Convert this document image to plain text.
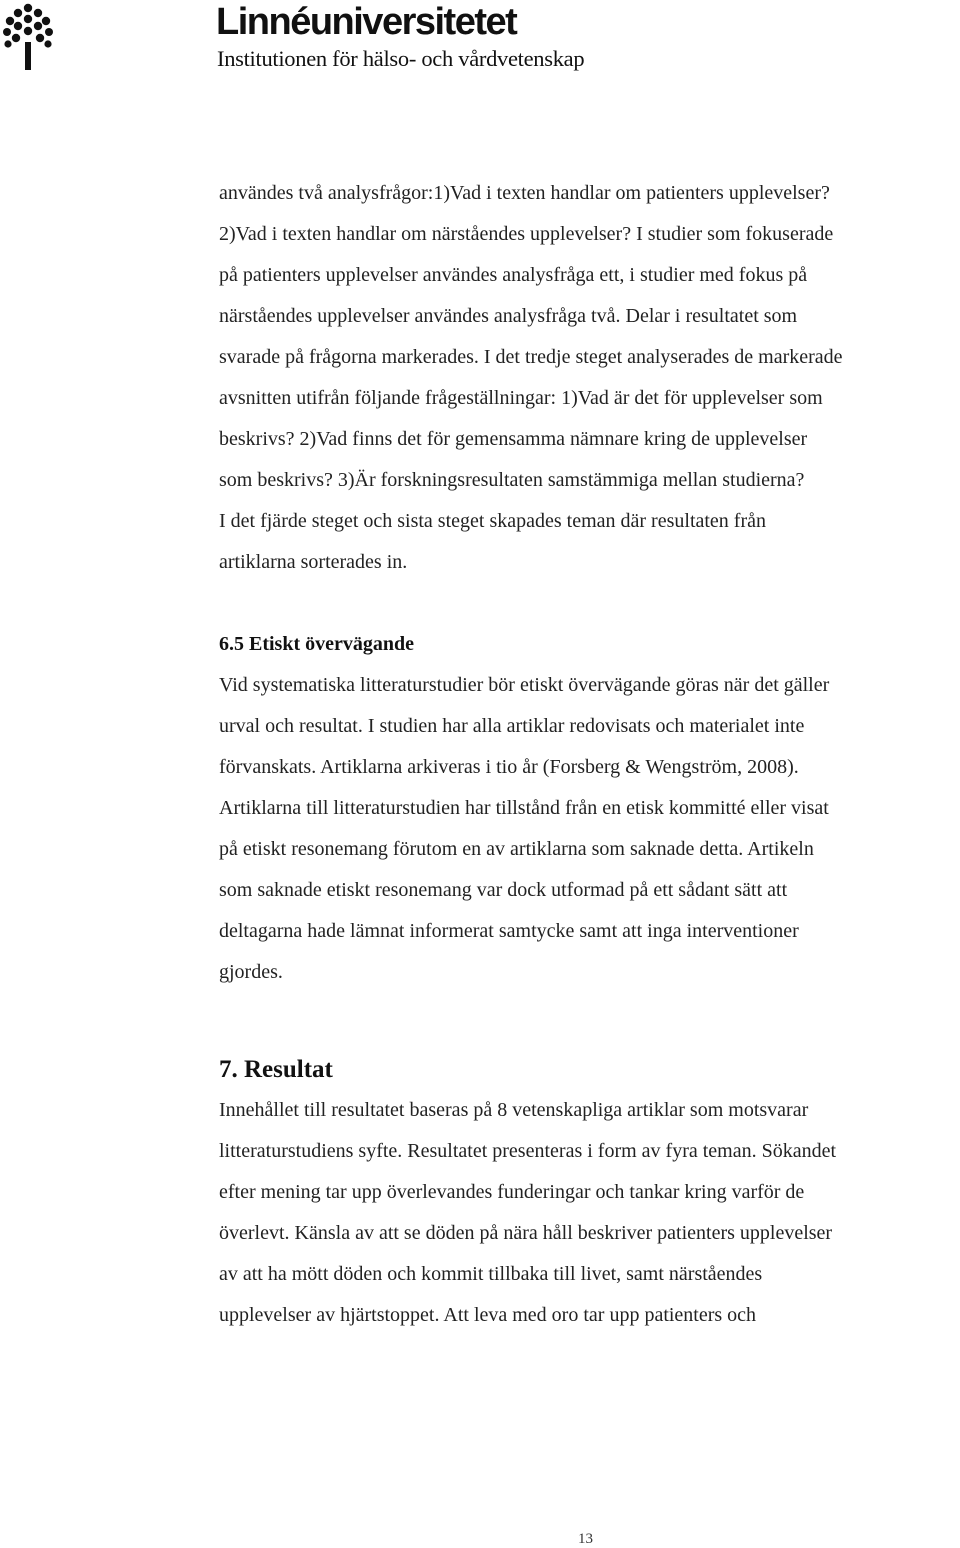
Linnéuniversitetet
Institutionen för hälso- och vårdvetenskap

användes två analysfrågor:1)Vad i texten handlar om patienters upplevelser?
2)Vad i texten handlar om närståendes upplevelser? I studier som fokuserade
på patienters upplevelser användes analysfråga ett, i studier med fokus på
närståendes upplevelser användes analysfråga två. Delar i resultatet som
svarade på frågorna markerades. I det tredje steget analyserades de markerade
avsnitten utifrån följande frågeställningar: 1)Vad är det för upplevelser som
beskrivs? 2)Vad finns det för gemensamma nämnare kring de upplevelser
som beskrivs? 3)Är forskningsresultaten samstämmiga mellan studierna?
I det fjärde steget och sista steget skapades teman där resultaten från
artiklarna sorterades in.

6.5 Etiskt övervägande

Vid systematiska litteraturstudier bör etiskt övervägande göras när det gäller
urval och resultat. I studien har alla artiklar redovisats och materialet inte
förvanskats. Artiklarna arkiveras i tio år (Forsberg & Wengström, 2008).
Artiklarna till litteraturstudien har tillstånd från en etisk kommitté eller visat
på etiskt resonemang förutom en av artiklarna som saknade detta. Artikeln
som saknade etiskt resonemang var dock utformad på ett sådant sätt att
deltagarna hade lämnat informerat samtycke samt att inga interventioner
gjordes.

7. Resultat

Innehållet till resultatet baseras på 8 vetenskapliga artiklar som motsvarar
litteraturstudiens syfte. Resultatet presenteras i form av fyra teman. Sökandet
efter mening tar upp överlevandes funderingar och tankar kring varför de
överlevt. Känsla av att se döden på nära håll beskriver patienters upplevelser
av att ha mött döden och kommit tillbaka till livet, samt närståendes
upplevelser av hjärtstoppet. Att leva med oro tar upp patienters och

13
